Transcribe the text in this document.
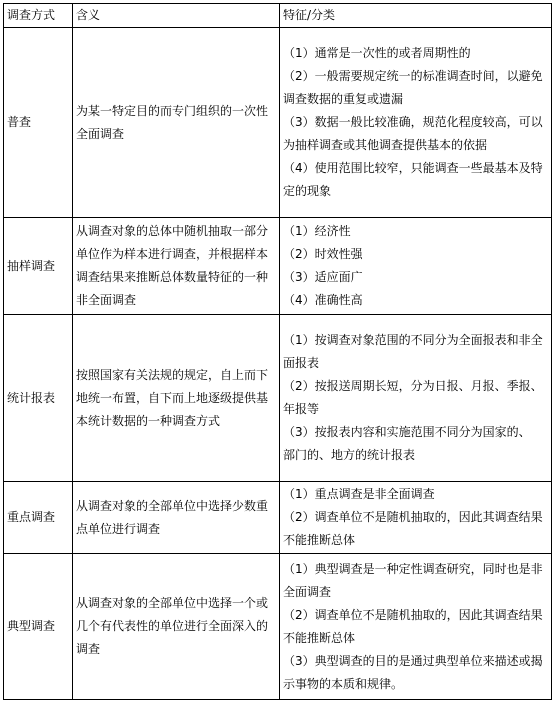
调查方式	含义	特征/分类
普查	为某一特定目的而专门组织的一次性全面调查	（1）通常是一次性的或者周期性的
（2）一般需要规定统一的标准调查时间，以避免调查数据的重复或遗漏
（3）数据一般比较准确，规范化程度较高，可以为抽样调查或其他调查提供基本的依据
（4）使用范围比较窄，只能调查一些最基本及特定的现象

抽样调查	从调查对象的总体中随机抽取一部分单位作为样本进行调查，并根据样本调查结果来推断总体数量特征的一种非全面调查	（1）经济性
（2）时效性强
（3）适应面广
（4）准确性高

统计报表	按照国家有关法规的规定，自上而下地统一布置，自下而上地逐级提供基本统计数据的一种调查方式	（1）按调查对象范围的不同分为全面报表和非全面报表
（2）按报送周期长短，分为日报、月报、季报、年报等
（3）按报表内容和实施范围不同分为国家的、
部门的、地方的统计报表

重点调查	从调查对象的全部单位中选择少数重点单位进行调查	（1）重点调查是非全面调查
（2）调查单位不是随机抽取的，因此其调查结果不能推断总体

典型调查	从调查对象的全部单位中选择一个或几个有代表性的单位进行全面深入的调查	（1）典型调查是一种定性调查研究，同时也是非全面调查
（2）调查单位不是随机抽取的，因此其调查结果不能推断总体
（3）典型调查的目的是通过典型单位来描述或揭示事物的本质和规律。
